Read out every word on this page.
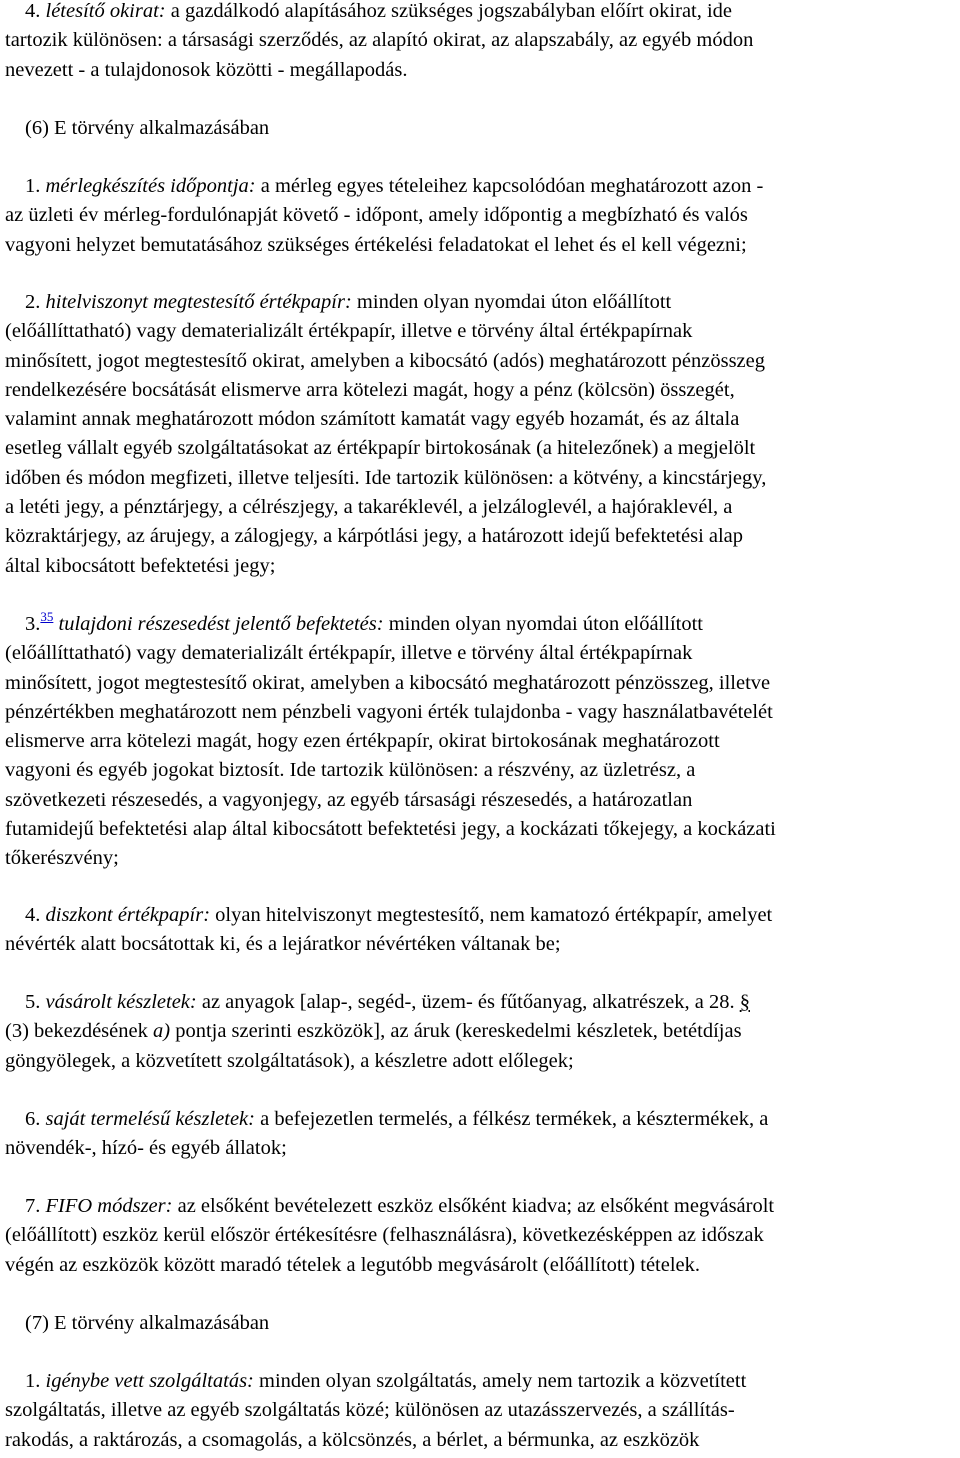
4. létesítő okirat: a gazdálkodó alapításához szükséges jogszabályban előírt okirat, ide
tartozik különösen: a társasági szerződés, az alapító okirat, az alapszabály, az egyéb módon
nevezett - a tulajdonosok közötti - megállapodás.

(6) E törvény alkalmazásában

1. mérlegkészítés időpontja: a mérleg egyes tételeihez kapcsolódóan meghatározott azon -
az üzleti év mérleg-fordulónapját követő - időpont, amely időpontig a megbízható és valós
vagyoni helyzet bemutatásához szükséges értékelési feladatokat el lehet és el kell végezni;
2. hitelviszonyt megtestesítő értékpapír: minden olyan nyomdai úton előállított
(előállíttatható) vagy dematerializált értékpapír, illetve e törvény által értékpapírnak
minősített, jogot megtestesítő okirat, amelyben a kibocsátó (adós) meghatározott pénzösszeg
rendelkezésére bocsátását elismerve arra kötelezi magát, hogy a pénz (kölcsön) összegét,
valamint annak meghatározott módon számított kamatát vagy egyéb hozamát, és az általa
esetleg vállalt egyéb szolgáltatásokat az értékpapír birtokosának (a hitelezőnek) a megjelölt
időben és módon megfizeti, illetve teljesíti. Ide tartozik különösen: a kötvény, a kincstárjegy,
a letéti jegy, a pénztárjegy, a célrészjegy, a takaréklevél, a jelzáloglevél, a hajóraklevél, a
közraktárjegy, az árujegy, a zálogjegy, a kárpótlási jegy, a határozott idejű befektetési alap
által kibocsátott befektetési jegy;
3.35 tulajdoni részesedést jelentő befektetés: minden olyan nyomdai úton előállított
(előállíttatható) vagy dematerializált értékpapír, illetve e törvény által értékpapírnak
minősített, jogot megtestesítő okirat, amelyben a kibocsátó meghatározott pénzösszeg, illetve
pénzértékben meghatározott nem pénzbeli vagyoni érték tulajdonba - vagy használatbavételét
elismerve arra kötelezi magát, hogy ezen értékpapír, okirat birtokosának meghatározott
vagyoni és egyéb jogokat biztosít. Ide tartozik különösen: a részvény, az üzletrész, a
szövetkezeti részesedés, a vagyonjegy, az egyéb társasági részesedés, a határozatlan
futamidejű befektetési alap által kibocsátott befektetési jegy, a kockázati tőkejegy, a kockázati
tőkerészvény;
4. diszkont értékpapír: olyan hitelviszonyt megtestesítő, nem kamatozó értékpapír, amelyet
névérték alatt bocsátottak ki, és a lejáratkor névértéken váltanak be;
5. vásárolt készletek: az anyagok [alap-, segéd-, üzem- és fűtőanyag, alkatrészek, a 28. §
(3) bekezdésének a) pontja szerinti eszközök], az áruk (kereskedelmi készletek, betétdíjas
göngyölegek, a közvetített szolgáltatások), a készletre adott előlegek;
6. saját termelésű készletek: a befejezetlen termelés, a félkész termékek, a késztermékek, a
növendék-, hízó- és egyéb állatok;
7. FIFO módszer: az elsőként bevételezett eszköz elsőként kiadva; az elsőként megvásárolt
(előállított) eszköz kerül először értékesítésre (felhasználásra), következésképpen az időszak
végén az eszközök között maradó tételek a legutóbb megvásárolt (előállított) tételek.

(7) E törvény alkalmazásában

1. igénybe vett szolgáltatás: minden olyan szolgáltatás, amely nem tartozik a közvetített
szolgáltatás, illetve az egyéb szolgáltatás közé; különösen az utazásszervezés, a szállítás-
rakodás, a raktározás, a csomagolás, a kölcsönzés, a bérlet, a bérmunka, az eszközök
